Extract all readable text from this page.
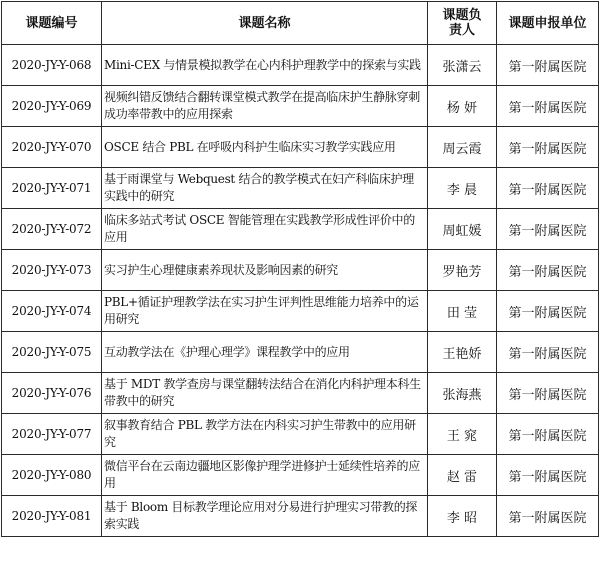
课题编号	课题名称	课题负责人	课题申报单位
2020-JY-Y-068	Mini-CEX 与情景模拟教学在心内科护理教学中的探索与实践	张潇云	第一附属医院
2020-JY-Y-069	视频纠错反馈结合翻转课堂模式教学在提高临床护生静脉穿刺成功率带教中的应用探索	杨 妍	第一附属医院
2020-JY-Y-070	OSCE 结合 PBL 在呼吸内科护生临床实习教学实践应用	周云霞	第一附属医院
2020-JY-Y-071	基于雨课堂与 Webquest 结合的教学模式在妇产科临床护理实践中的研究	李 晨	第一附属医院
2020-JY-Y-072	临床多站式考试 OSCE 智能管理在实践教学形成性评价中的应用	周虹媛	第一附属医院
2020-JY-Y-073	实习护生心理健康素养现状及影响因素的研究	罗艳芳	第一附属医院
2020-JY-Y-074	PBL+循证护理教学法在实习护生评判性思维能力培养中的运用研究	田 莹	第一附属医院
2020-JY-Y-075	互动教学法在《护理心理学》课程教学中的应用	王艳娇	第一附属医院
2020-JY-Y-076	基于 MDT 教学查房与课堂翻转法结合在消化内科护理本科生带教中的研究	张海燕	第一附属医院
2020-JY-Y-077	叙事教育结合 PBL 教学方法在内科实习护生带教中的应用研究	王 窕	第一附属医院
2020-JY-Y-080	微信平台在云南边疆地区影像护理学进修护士延续性培养的应用	赵 雷	第一附属医院
2020-JY-Y-081	基于 Bloom 目标教学理论应用对分易进行护理实习带教的探索实践	李 昭	第一附属医院
